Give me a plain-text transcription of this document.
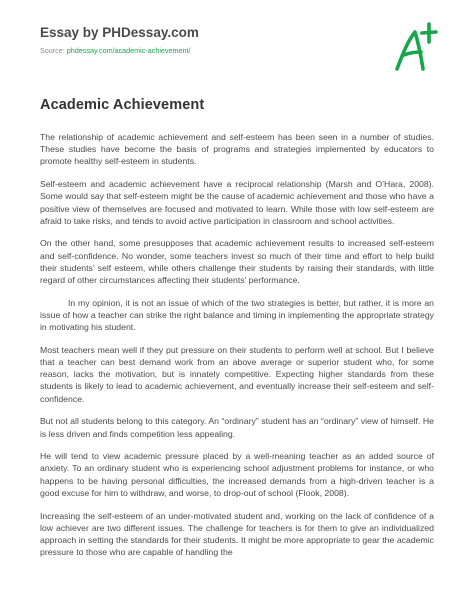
Essay by PHDessay.com
Source: phdessay.com/academic-achievement/
Academic Achievement

The relationship of academic achievement and self-esteem has been seen in a number of studies. These studies have become the basis of programs and strategies implemented by educators to promote healthy self-esteem in students.

Self-esteem and academic achievement have a reciprocal relationship (Marsh and O’Hara, 2008). Some would say that self-esteem might be the cause of academic achievement and those who have a positive view of themselves are focused and motivated to learn. While those with low self-esteem are afraid to take risks, and tends to avoid active participation in classroom and school activities.

On the other hand, some presupposes that academic achievement results to increased self-esteem and self-confidence. No wonder, some teachers invest so much of their time and effort to help build their students’ self esteem, while others challenge their students by raising their standards, with little regard of other circumstances affecting their students’ performance.

In my opinion, it is not an issue of which of the two strategies is better, but rather, it is more an issue of how a teacher can strike the right balance and timing in implementing the appropriate strategy in motivating his student.

Most teachers mean well if they put pressure on their students to perform well at school. But I believe that a teacher can best demand work from an above average or superior student who, for some reason, lacks the motivation, but is innately competitive. Expecting higher standards from these students is likely to lead to academic achievement, and eventually increase their self-esteem and self-confidence.

But not all students belong to this category. An “ordinary” student has an “ordinary” view of himself. He is less driven and finds competition less appealing.

He will tend to view academic pressure placed by a well-meaning teacher as an added source of anxiety. To an ordinary student who is experiencing school adjustment problems for instance, or who happens to be having personal difficulties, the increased demands from a high-driven teacher is a good excuse for him to withdraw, and worse, to drop-out of school (Flook, 2008).

Increasing the self-esteem of an under-motivated student and, working on the lack of confidence of a low achiever are two different issues. The challenge for teachers is for them to give an individualized approach in setting the standards for their students. It might be more appropriate to gear the academic pressure to those who are capable of handling the
